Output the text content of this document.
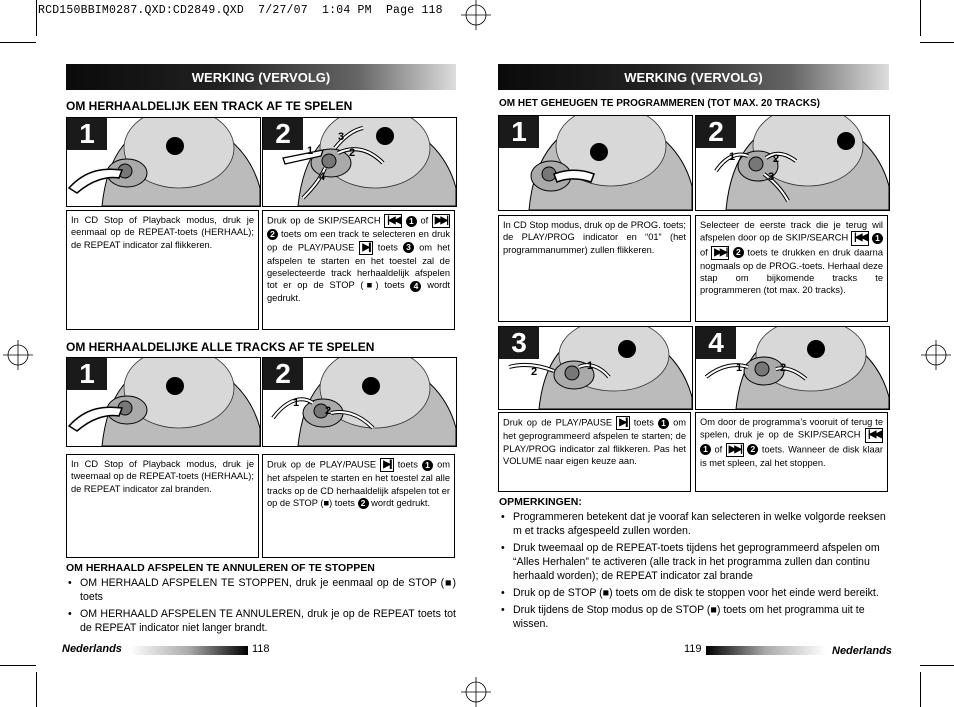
RCD150BBIM0287.QXD:CD2849.QXD  7/27/07  1:04 PM  Page 118
WERKING (VERVOLG)
OM HERHAALDELIJK EEN TRACK AF TE SPELEN
1
1	2
3
4
2
In CD Stop of Playback modus, druk je eenmaal op de REPEAT-toets (HERHAAL); de REPEAT indicator zal flikkeren.
Druk op de SKIP/SEARCH |◀◀ 1 of ▶▶| 2 toets om een track te selecteren en druk op de PLAY/PAUSE ▶|| toets 3 om het afspelen te starten en het toestel zal de geselecteerde track herhaaldelijk afspelen tot er op de STOP (■) toets 4 wordt gedrukt.
OM HERHAALDELIJKE ALLE TRACKS AF TE SPELEN
1
1
2
2
In CD Stop of Playback modus, druk je tweemaal op de REPEAT-toets (HERHAAL); de REPEAT indicator zal branden.
Druk op de PLAY/PAUSE ▶|| toets 1 om het afspelen te starten en het toestel zal alle tracks op de CD herhaaldelijk afspelen tot er op de STOP (■) toets 2 wordt gedrukt.
OM HERHAALD AFSPELEN TE ANNULEREN OF TE STOPPEN
• OM HERHAALD AFSPELEN TE STOPPEN, druk je eenmaal op de STOP (■) toets
• OM HERHAALD AFSPELEN TE ANNULEREN, druk je op de REPEAT toets tot de REPEAT indicator niet langer brandt.
Nederlands	118
WERKING (VERVOLG)
OM HET GEHEUGEN TE PROGRAMMEREN (TOT MAX. 20 TRACKS)
1
1	2
3
2
In CD Stop modus, druk op de PROG. toets; de PLAY/PROG indicator en “01” (het programmanummer) zullen flikkeren.
Selecteer de eerste track die je terug wil afspelen door op de SKIP/SEARCH |◀◀ 1 of ▶▶| 2 toets te drukken en druk daarna nogmaals op de PROG.-toets. Herhaal deze stap om bijkomende tracks te programmeren (tot max. 20 tracks).
2	1
3
1	2
4
Druk op de PLAY/PAUSE ▶|| toets 1 om het geprogrammeerd afspelen te starten; de PLAY/PROG indicator zal flikkeren. Pas het VOLUME naar eigen keuze aan.
Om door de programma’s vooruit of terug te spelen, druk je op de SKIP/SEARCH |◀◀ 1 of ▶▶| 2 toets. Wanneer de disk klaar is met spleen, zal het stoppen.
OPMERKINGEN:
• Programmeren betekent dat je vooraf kan selecteren in welke volgorde reeksen m et tracks afgespeeld zullen worden.
• Druk tweemaal op de REPEAT-toets tijdens het geprogrammeerd afspelen om “Alles Herhalen” te activeren (alle track in het programma zullen dan continu herhaald worden); de REPEAT indicator zal brande
• Druk op de STOP (■) toets om de disk te stoppen voor het einde werd bereikt.
• Druk tijdens de Stop modus op de STOP (■) toets om het programma uit te wissen.
119	Nederlands
